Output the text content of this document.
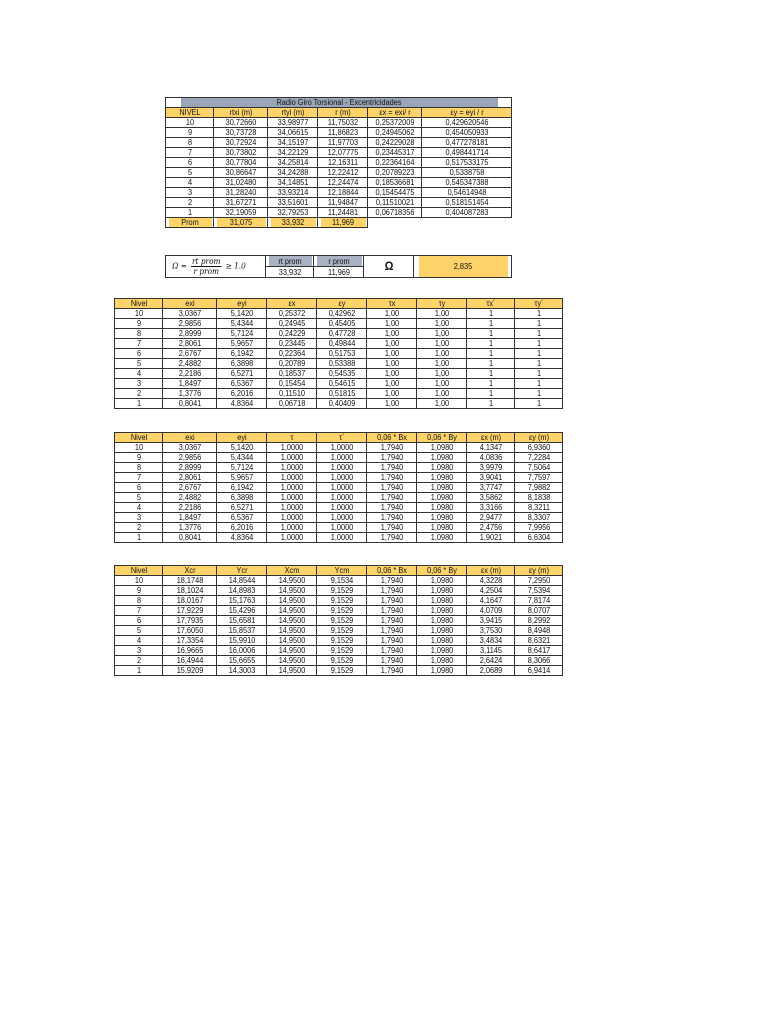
Radio Giro Torsional - Excentricidades					
NIVEL	rtxi (m)	rtyi (m)	r (m)	εx = exi/ r	εy = eyi / r
10	30,72660	33,98977	11,75032	0,25372009	0,429620546
9	30,73728	34,06615	11,86823	0,24945062	0,454050933
8	30,72924	34,15197	11,97703	0,24229028	0,477278181
7	30,73802	34,22129	12,07775	0,23445317	0,498441714
6	30,77804	34,25814	12,16311	0,22364164	0,517533175
5	30,86647	34,24288	12,22412	0,20789223	0,5338758
4	31,02480	34,14851	12,24474	0,18536681	0,545347388
3	31,28240	33,93214	12,18844	0,15454475	0,54614948
2	31,67271	33,51601	11,94847	0,11510021	0,518151454
1	32,19059	32,79253	11,24481	0,06718356	0,404087283
Prom	31,075	33,932	11,969		
$\Omega = \frac{\text{rt prom}}{\text{r prom}} \ge 1.0$	rt prom	r prom	Ω	2,835
	33,932	11,969		
Nivel	exi	eyi	εx	εy	τx	τy	τx´	τy´
10	3,0367	5,1420	0,25372	0,42962	1,00	1,00	1	1
9	2,9856	5,4344	0,24945	0,45405	1,00	1,00	1	1
8	2,8999	5,7124	0,24229	0,47728	1,00	1,00	1	1
7	2,8061	5,9657	0,23445	0,49844	1,00	1,00	1	1
6	2,6767	6,1942	0,22364	0,51753	1,00	1,00	1	1
5	2,4882	6,3898	0,20789	0,53388	1,00	1,00	1	1
4	2,2186	6,5271	0,18537	0,54535	1,00	1,00	1	1
3	1,8497	6,5367	0,15454	0,54615	1,00	1,00	1	1
2	1,3776	6,2016	0,11510	0,51815	1,00	1,00	1	1
1	0,8041	4,8364	0,06718	0,40409	1,00	1,00	1	1
Nivel	exi	eyi	τ	τ´	0,06 * Bx	0,06 * By	εx (m)	εy (m)
10	3,0367	5,1420	1,0000	1,0000	1,7940	1,0980	4,1347	6,9360
9	2,9856	5,4344	1,0000	1,0000	1,7940	1,0980	4,0836	7,2284
8	2,8999	5,7124	1,0000	1,0000	1,7940	1,0980	3,9979	7,5064
7	2,8061	5,9657	1,0000	1,0000	1,7940	1,0980	3,9041	7,7597
6	2,6767	6,1942	1,0000	1,0000	1,7940	1,0980	3,7747	7,9882
5	2,4882	6,3898	1,0000	1,0000	1,7940	1,0980	3,5862	8,1838
4	2,2186	6,5271	1,0000	1,0000	1,7940	1,0980	3,3166	8,3211
3	1,8497	6,5367	1,0000	1,0000	1,7940	1,0980	2,9477	8,3307
2	1,3776	6,2016	1,0000	1,0000	1,7940	1,0980	2,4756	7,9956
1	0,8041	4,8364	1,0000	1,0000	1,7940	1,0980	1,9021	6,6304
Nivel	Xcr	Ycr	Xcm	Ycm	0,06 * Bx	0,06 * By	εx (m)	εy (m)
10	18,1748	14,8544	14,9500	9,1534	1,7940	1,0980	4,3228	7,2950
9	18,1024	14,8983	14,9500	9,1529	1,7940	1,0980	4,2504	7,5394
8	18,0167	15,1763	14,9500	9,1529	1,7940	1,0980	4,1647	7,8174
7	17,9229	15,4296	14,9500	9,1529	1,7940	1,0980	4,0709	8,0707
6	17,7935	15,6581	14,9500	9,1529	1,7940	1,0980	3,9415	8,2992
5	17,6050	15,8537	14,9500	9,1529	1,7940	1,0980	3,7530	8,4948
4	17,3354	15,9910	14,9500	9,1529	1,7940	1,0980	3,4834	8,6321
3	16,9665	16,0006	14,9500	9,1529	1,7940	1,0980	3,1145	8,6417
2	16,4944	15,6655	14,9500	9,1529	1,7940	1,0980	2,6424	8,3066
1	15,9209	14,3003	14,9500	9,1529	1,7940	1,0980	2,0689	6,9414
